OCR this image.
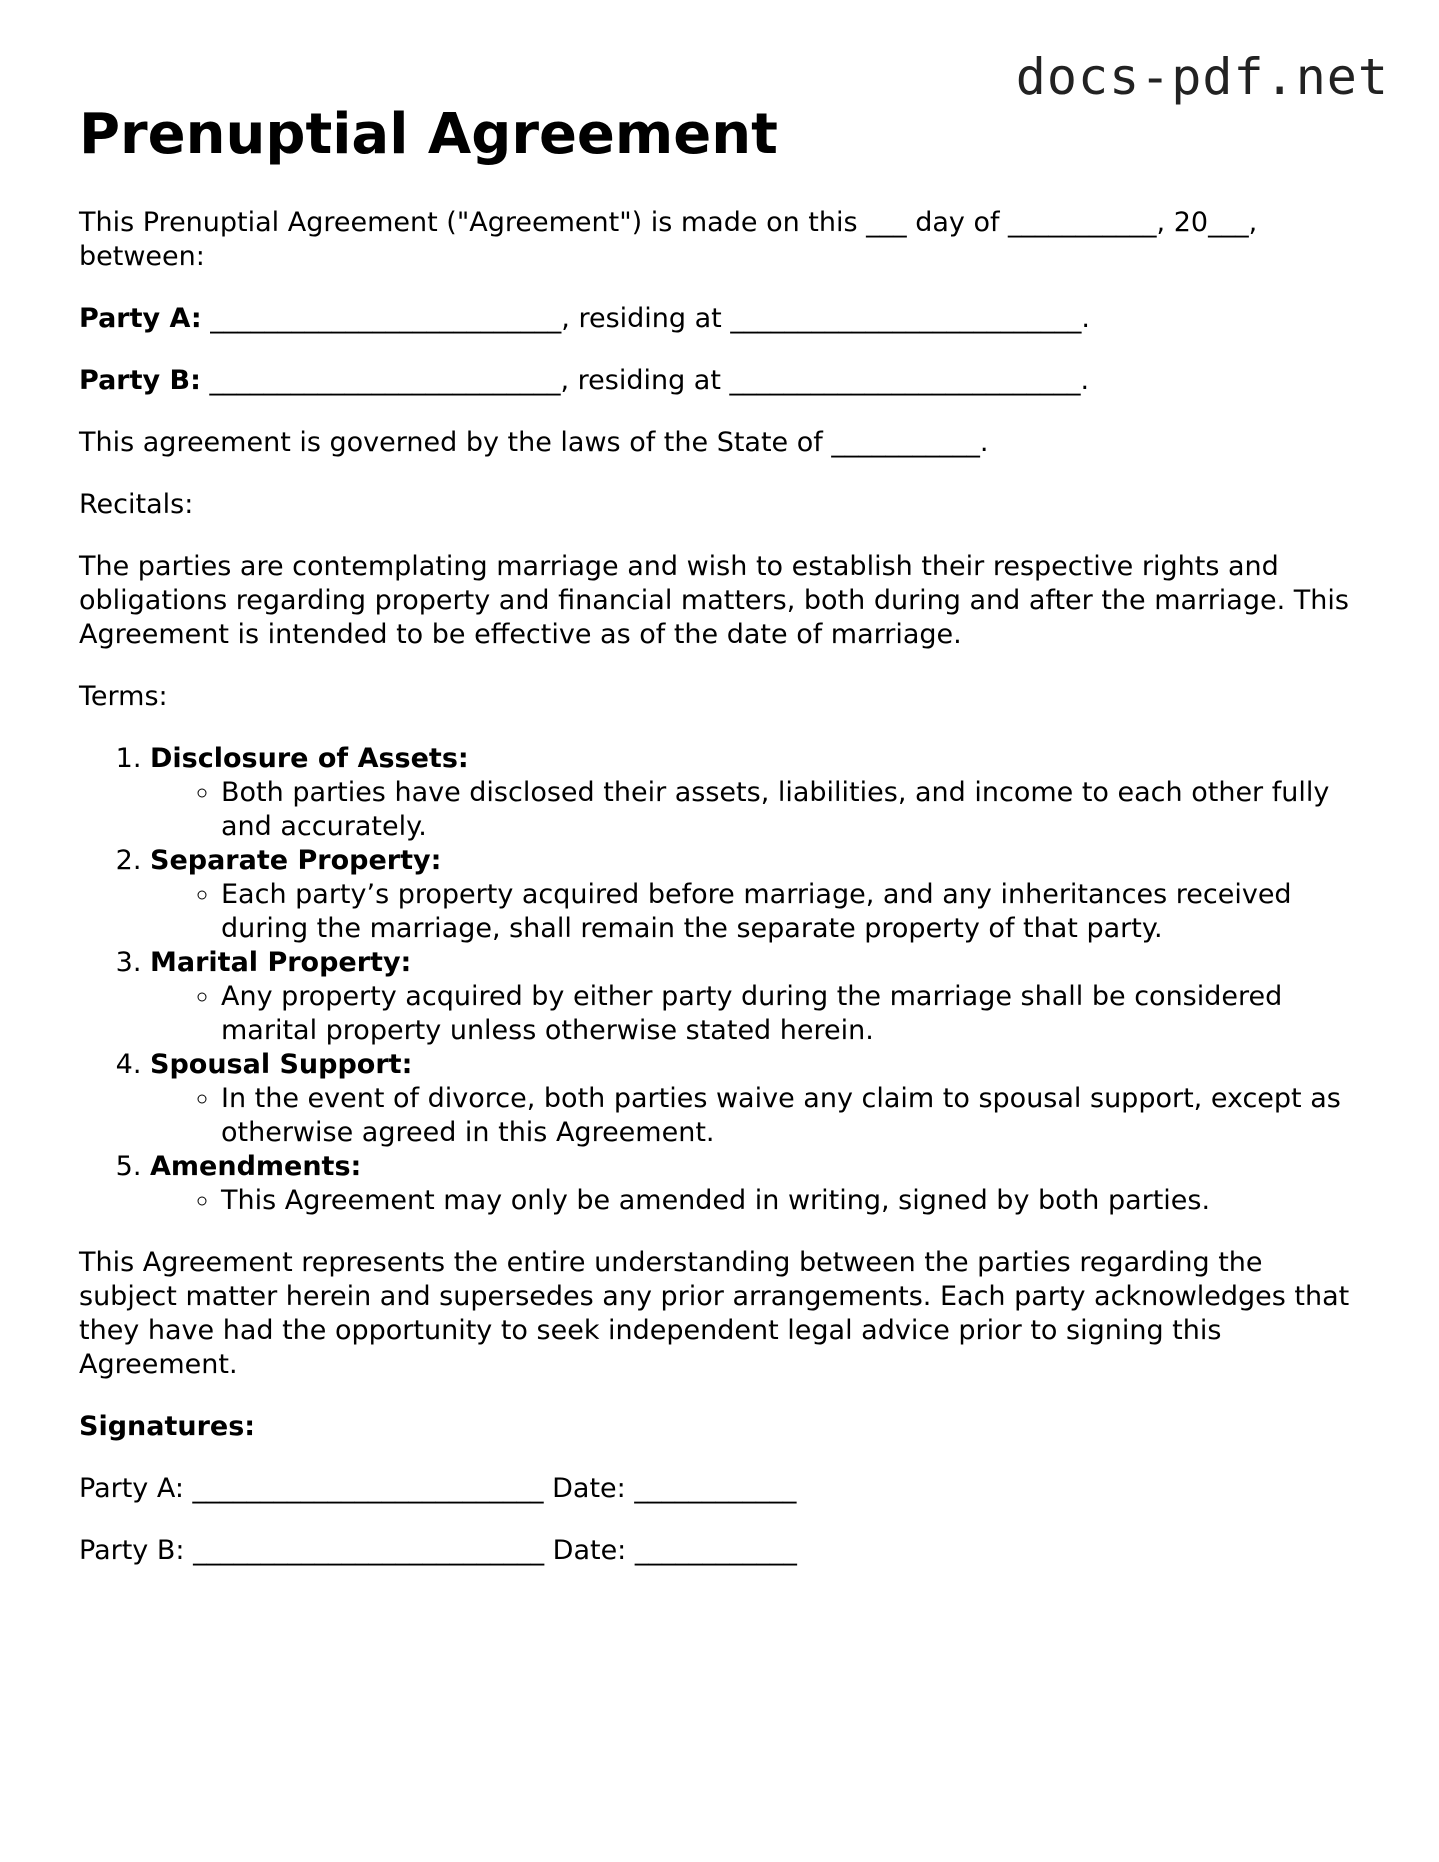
docs-pdf.net
Prenuptial Agreement

This Prenuptial Agreement ("Agreement") is made on this ___ day of ___________, 20___, between:

Party A: __________________________, residing at __________________________.

Party B: __________________________, residing at __________________________.

This agreement is governed by the laws of the State of ___________.

Recitals:

The parties are contemplating marriage and wish to establish their respective rights and obligations regarding property and financial matters, both during and after the marriage. This Agreement is intended to be effective as of the date of marriage.

Terms:

1. Disclosure of Assets:
◦ Both parties have disclosed their assets, liabilities, and income to each other fully and accurately.
2. Separate Property:
◦ Each party’s property acquired before marriage, and any inheritances received during the marriage, shall remain the separate property of that party.
3. Marital Property:
◦ Any property acquired by either party during the marriage shall be considered marital property unless otherwise stated herein.
4. Spousal Support:
◦ In the event of divorce, both parties waive any claim to spousal support, except as otherwise agreed in this Agreement.
5. Amendments:
◦ This Agreement may only be amended in writing, signed by both parties.

This Agreement represents the entire understanding between the parties regarding the subject matter herein and supersedes any prior arrangements. Each party acknowledges that they have had the opportunity to seek independent legal advice prior to signing this Agreement.

Signatures:

Party A: __________________________ Date: ____________

Party B: __________________________ Date: ____________
